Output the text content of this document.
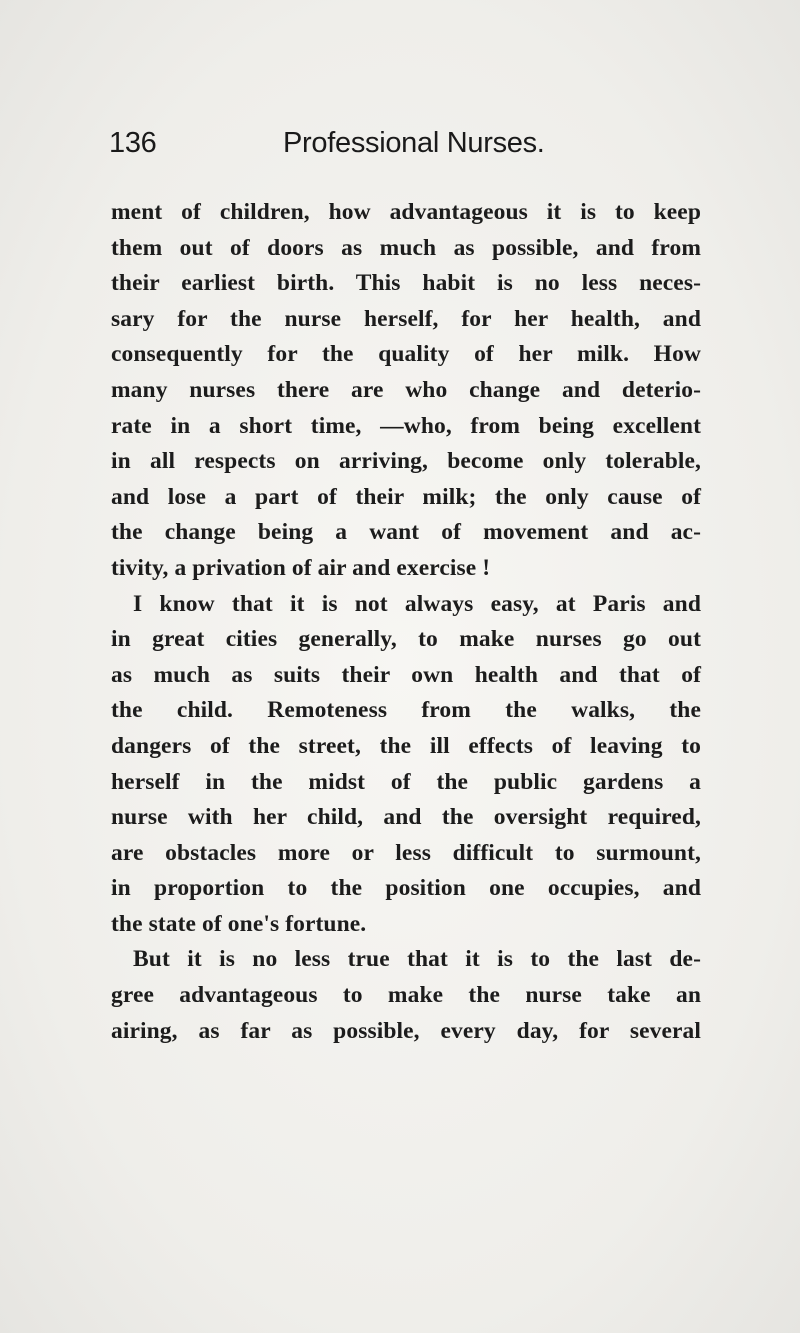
136	Professional Nurses.
ment of children, how advantageous it is to keep
them out of doors as much as possible, and from
their earliest birth. This habit is no less neces-
sary for the nurse herself, for her health, and
consequently for the quality of her milk. How
many nurses there are who change and deterio-
rate in a short time, —who, from being excellent
in all respects on arriving, become only tolerable,
and lose a part of their milk; the only cause of
the change being a want of movement and ac-
tivity, a privation of air and exercise !
I know that it is not always easy, at Paris and
in great cities generally, to make nurses go out
as much as suits their own health and that of
the child. Remoteness from the walks, the
dangers of the street, the ill effects of leaving to
herself in the midst of the public gardens a
nurse with her child, and the oversight required,
are obstacles more or less difficult to surmount,
in proportion to the position one occupies, and
the state of one's fortune.
But it is no less true that it is to the last de-
gree advantageous to make the nurse take an
airing, as far as possible, every day, for several
